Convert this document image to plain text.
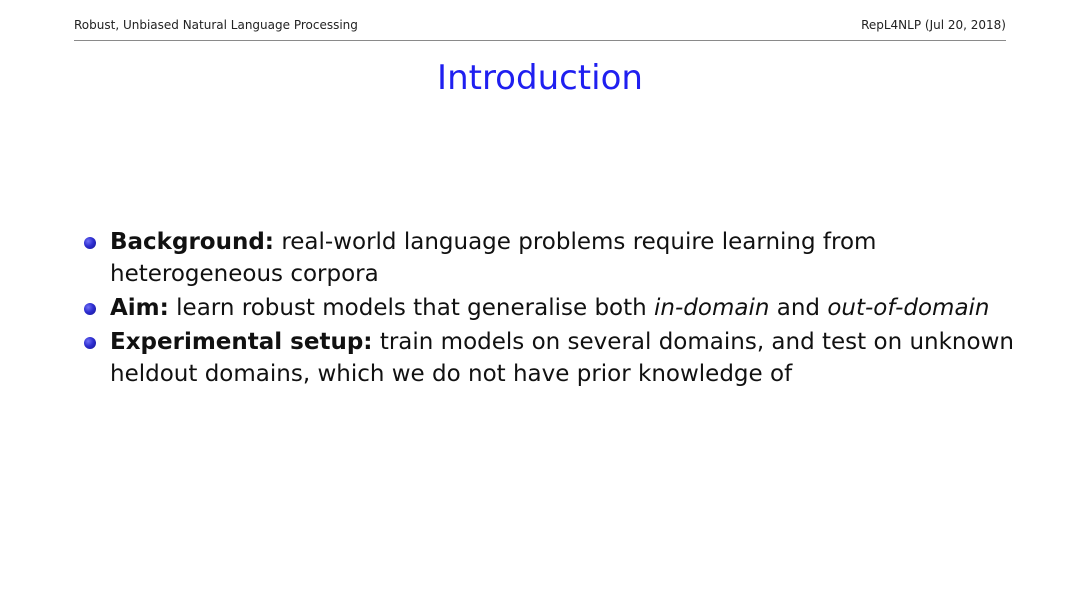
Robust, Unbiased Natural Language Processing	RepL4NLP (Jul 20, 2018)
Introduction
Background: real-world language problems require learning from heterogeneous corpora
Aim: learn robust models that generalise both in-domain and out-of-domain
Experimental setup: train models on several domains, and test on unknown heldout domains, which we do not have prior knowledge of
